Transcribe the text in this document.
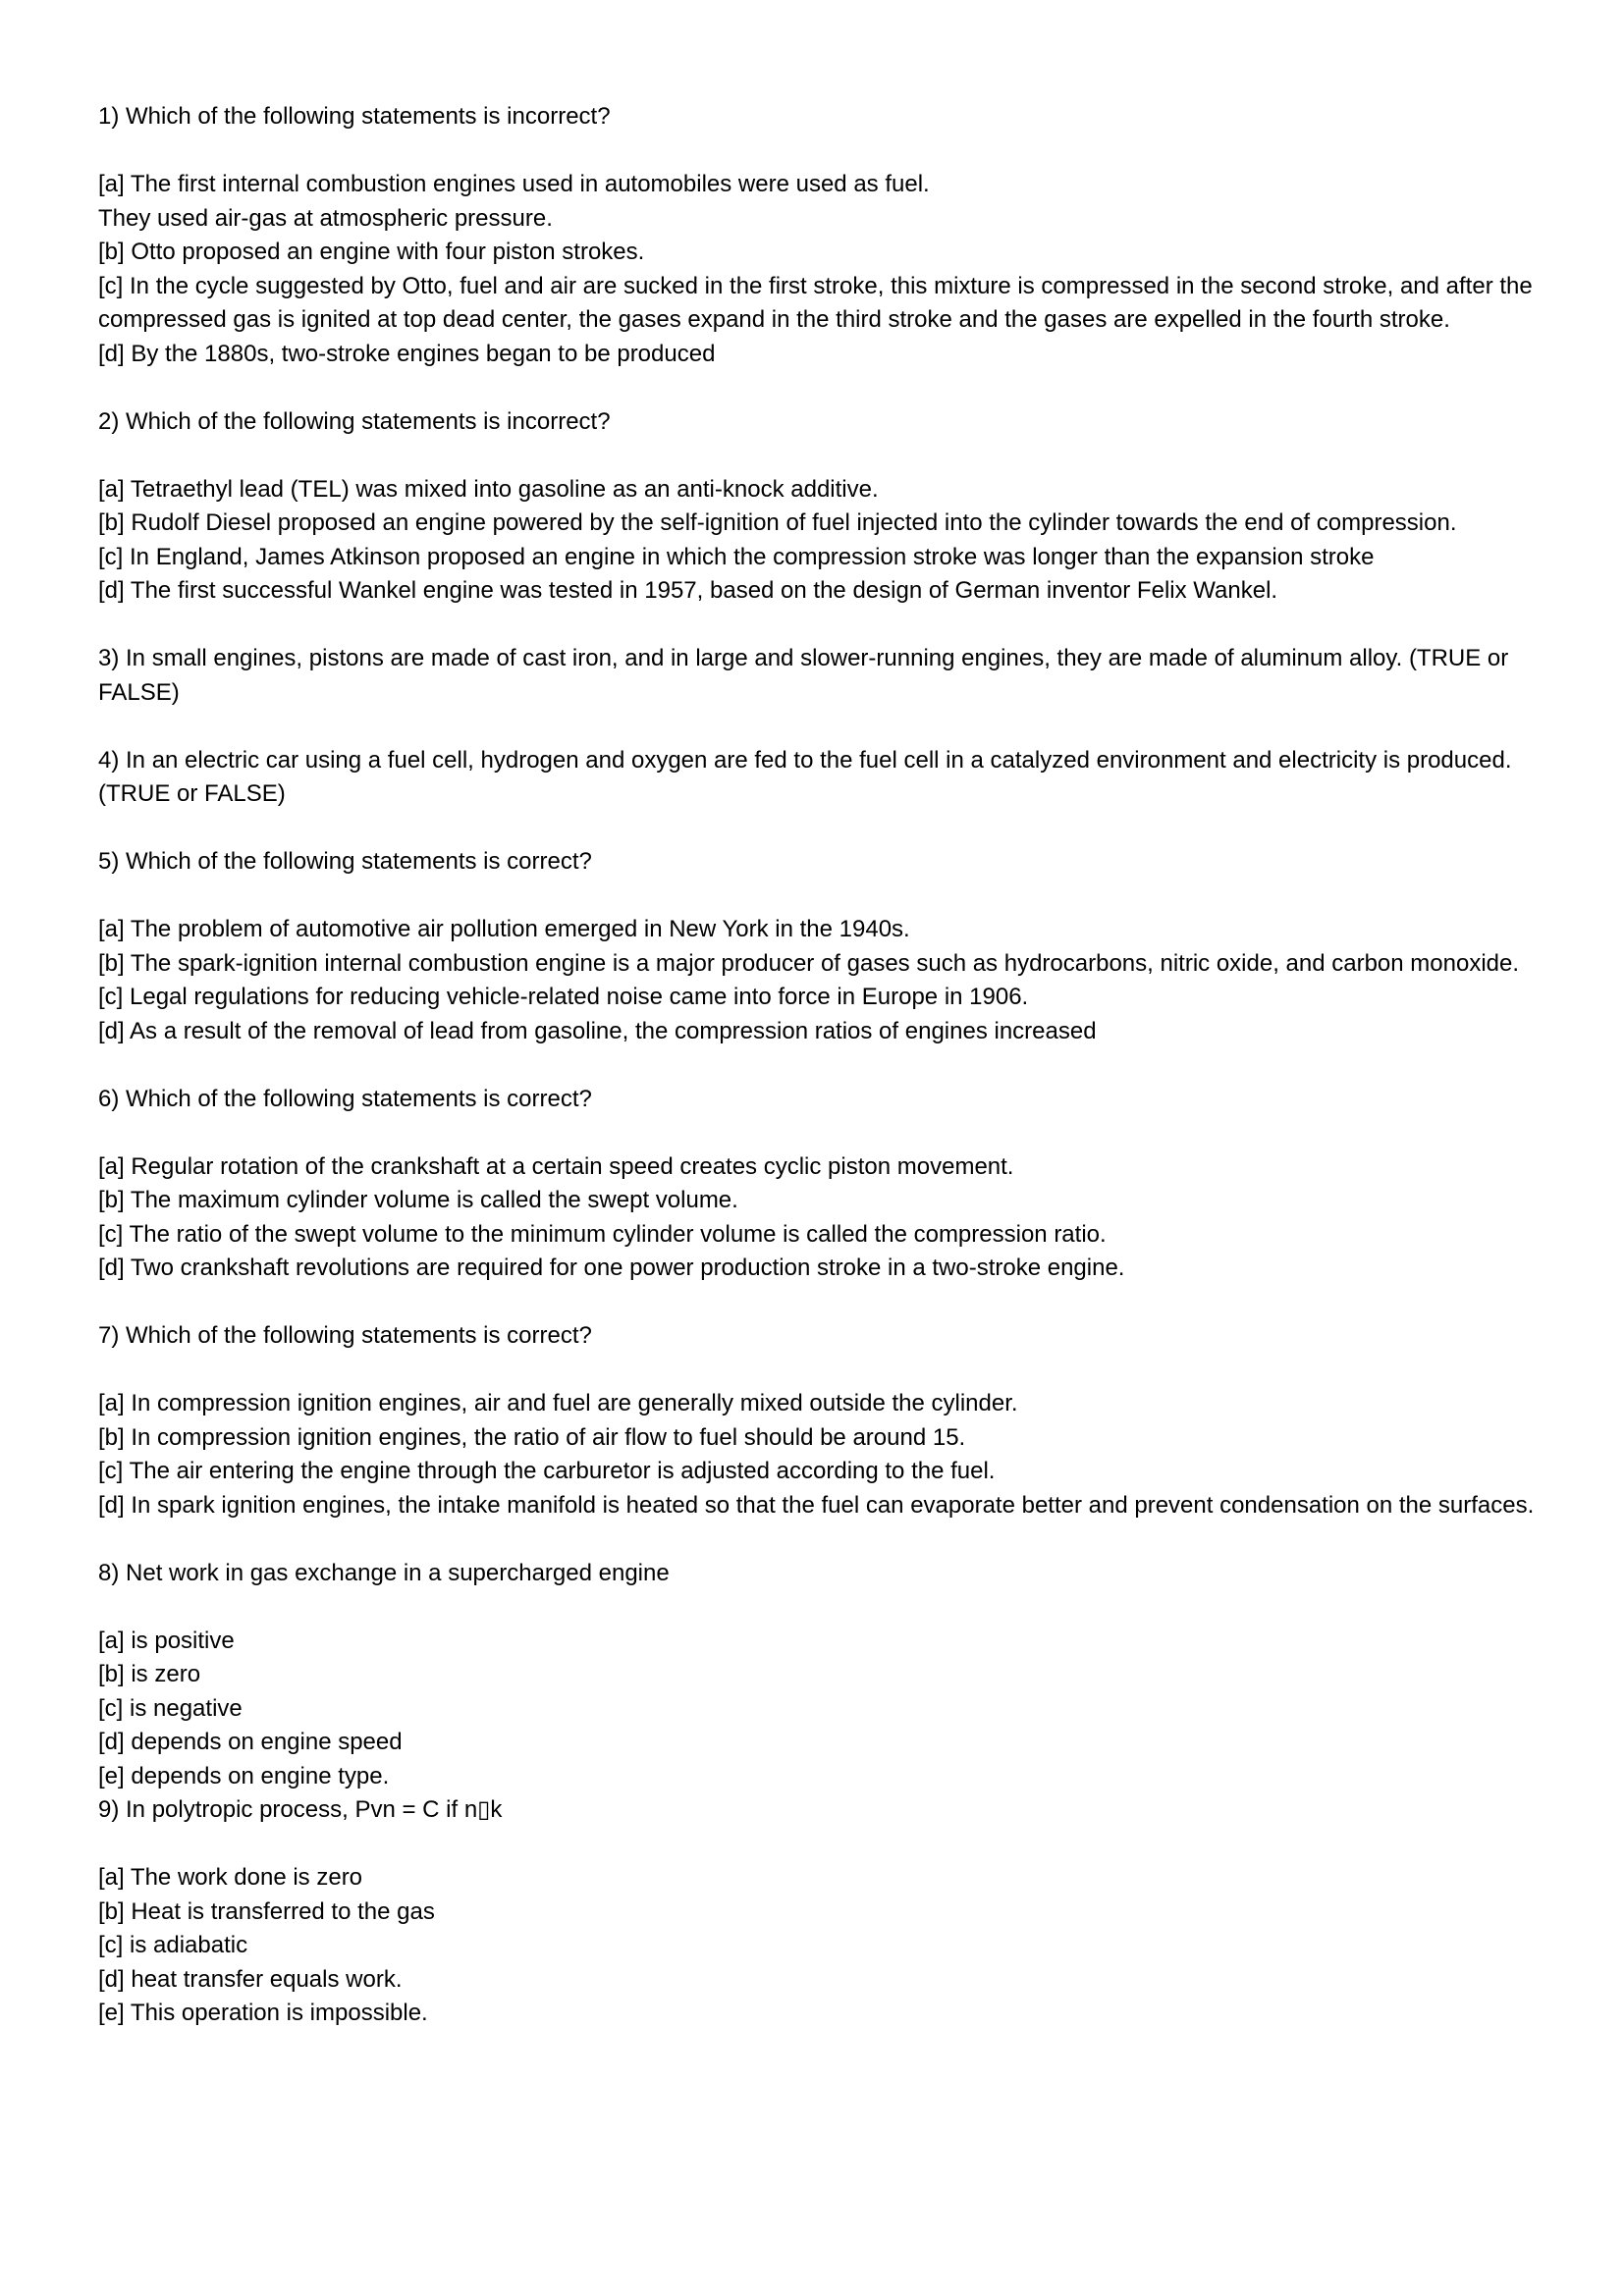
1) Which of the following statements is incorrect?

[a] The first internal combustion engines used in automobiles were used as fuel.

They used air-gas at atmospheric pressure.

[b] Otto proposed an engine with four piston strokes.

[c] In the cycle suggested by Otto, fuel and air are sucked in the first stroke, this mixture is compressed in the second stroke, and after the compressed gas is ignited at top dead center, the gases expand in the third stroke and the gases are expelled in the fourth stroke.

[d] By the 1880s, two-stroke engines began to be produced

2) Which of the following statements is incorrect?

[a] Tetraethyl lead (TEL) was mixed into gasoline as an anti-knock additive.

[b] Rudolf Diesel proposed an engine powered by the self-ignition of fuel injected into the cylinder towards the end of compression.

[c] In England, James Atkinson proposed an engine in which the compression stroke was longer than the expansion stroke

[d] The first successful Wankel engine was tested in 1957, based on the design of German inventor Felix Wankel.

3) In small engines, pistons are made of cast iron, and in large and slower-running engines, they are made of aluminum alloy. (TRUE or FALSE)

4) In an electric car using a fuel cell, hydrogen and oxygen are fed to the fuel cell in a catalyzed environment and electricity is produced. (TRUE or FALSE)

5) Which of the following statements is correct?

[a] The problem of automotive air pollution emerged in New York in the 1940s.

[b] The spark-ignition internal combustion engine is a major producer of gases such as hydrocarbons, nitric oxide, and carbon monoxide.

[c] Legal regulations for reducing vehicle-related noise came into force in Europe in 1906.

[d] As a result of the removal of lead from gasoline, the compression ratios of engines increased

6) Which of the following statements is correct?

[a] Regular rotation of the crankshaft at a certain speed creates cyclic piston movement.

[b] The maximum cylinder volume is called the swept volume.

[c] The ratio of the swept volume to the minimum cylinder volume is called the compression ratio.

[d] Two crankshaft revolutions are required for one power production stroke in a two-stroke engine.

7) Which of the following statements is correct?

[a] In compression ignition engines, air and fuel are generally mixed outside the cylinder.

[b] In compression ignition engines, the ratio of air flow to fuel should be around 15.

[c] The air entering the engine through the carburetor is adjusted according to the fuel.

[d] In spark ignition engines, the intake manifold is heated so that the fuel can evaporate better and prevent condensation on the surfaces.

8) Net work in gas exchange in a supercharged engine

[a] is positive

[b] is zero

[c] is negative

[d] depends on engine speed

[e] depends on engine type.

9) In polytropic process, Pvn = C if n▯k

[a] The work done is zero

[b] Heat is transferred to the gas

[c] is adiabatic

[d] heat transfer equals work.

[e] This operation is impossible.
